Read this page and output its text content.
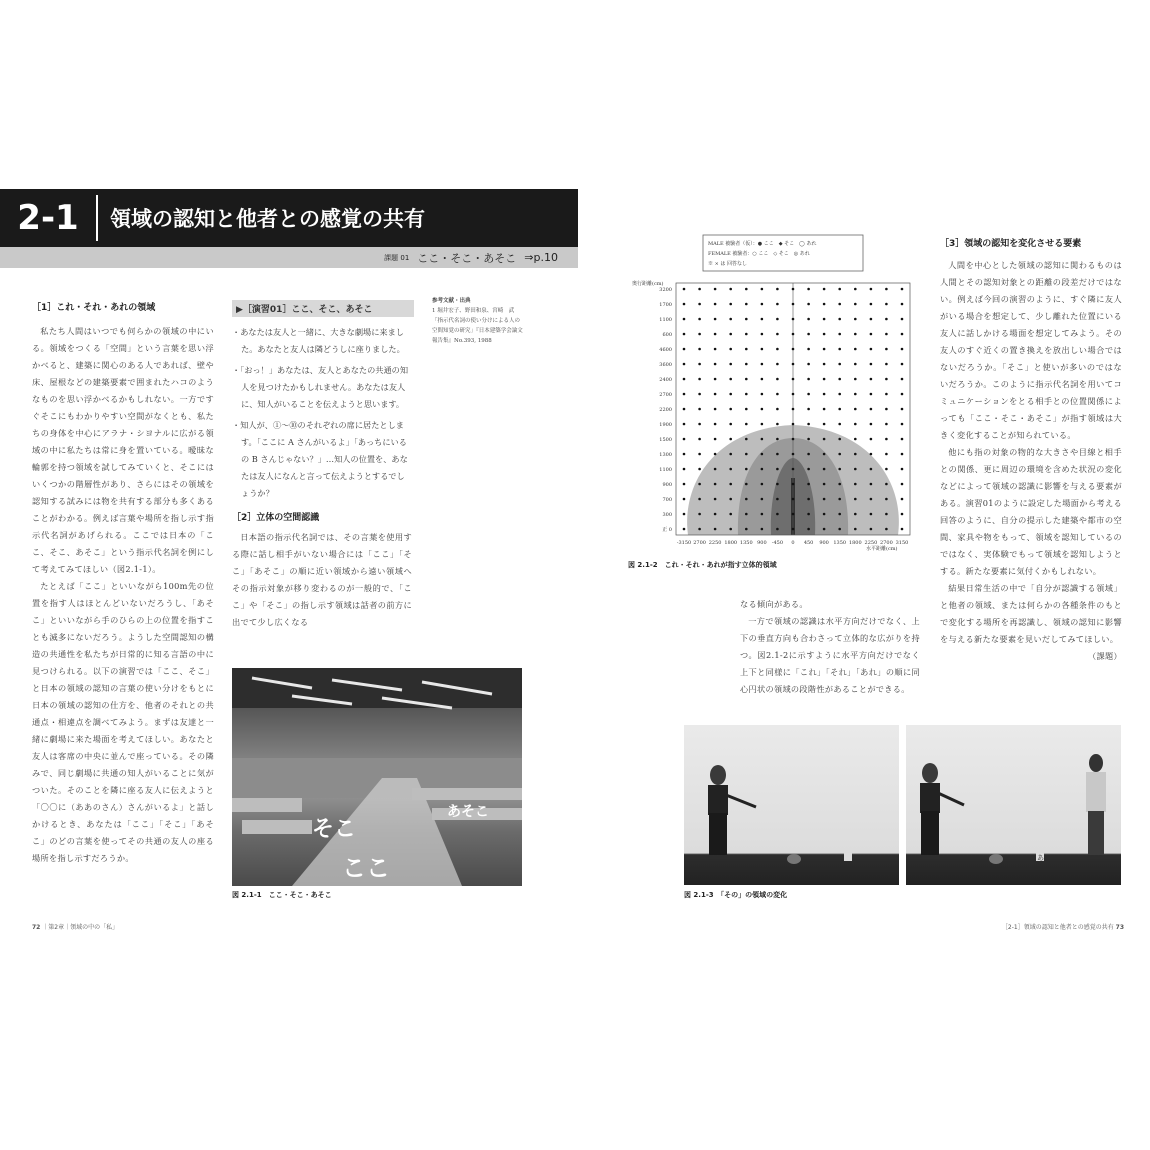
2-1	領域の認知と他者との感覚の共有
課題 01 ここ・そこ・あそこ ⇒p.10
［1］これ・それ・あれの領域

私たち人間はいつでも何らかの領域の中にいる。領域をつくる「空間」という言葉を思い浮かべると、建築に関心のある人であれば、壁や床、屋根などの建築要素で囲まれたハコのようなものを思い浮かべるかもしれない。一方ですぐそこにもわかりやすい空間がなくとも、私たちの身体を中心にアラナ・シヨナルに広がる領域の中に私たちは常に身を置いている。曖昧な輪郭を持つ領域を試してみていくと、そこにはいくつかの階層性があり、さらにはその領域を認知する試みには物を共有する部分も多くあることがわかる。例えば言葉や場所を指し示す指示代名詞があげられる。ここでは日本の「ここ、そこ、あそこ」という指示代名詞を例にして考えてみてほしい（図2.1-1）。

たとえば「ここ」といいながら100m先の位置を指す人はほとんどいないだろうし、「あそこ」といいながら手のひらの上の位置を指すことも滅多にないだろう。ようした空間認知の構造の共通性を私たちが日常的に知る言語の中に見つけられる。以下の演習では「ここ、そこ」と日本の領域の認知の言葉の使い分けをもとに日本の領域の認知の仕方を、他者のそれとの共通点・相違点を調べてみよう。まずは友達と一緒に劇場に来た場面を考えてほしい。あなたと友人は客席の中央に並んで座っている。その隣みで、同じ劇場に共通の知人がいることに気がついた。そのことを隣に座る友人に伝えようと「〇〇に（ああのさん）さんがいるよ」と話しかけるとき、あなたは「ここ」「そこ」「あそこ」のどの言葉を使ってその共通の友人の座る場所を指し示すだろうか。

▶［演習01］ここ、そこ、あそこ

・あなたは友人と一緒に、大きな劇場に来ました。あなたと友人は隣どうしに座りました。

・「おっ！」あなたは、友人とあなたの共通の知人を見つけたかもしれません。あなたは友人に、知人がいることを伝えようと思います。

・知人が、①〜⑩のそれぞれの席に居たとします。「ここに A さんがいるよ」「あっちにいるの B さんじゃない？」…知人の位置を、あなたは友人になんと言って伝えようとするでしょうか？

［2］立体の空間認識

日本語の指示代名詞では、その言葉を使用する際に話し相手がいない場合には「ここ」「そこ」「あそこ」の順に近い領域から遠い領域へその指示対象が移り変わるのが一般的で、「ここ」や「そこ」の指し示す領域は話者の前方に出でて少し広くなる

参考文献・出典
1 堀井宏子、野田和泉、宮崎　武 「指示代名詞の使い分けによる人の空間知覚の研究」『日本建築学会論文報告集』No.393, 1988
そこ
ここ
あそこ
図 2.1-1　ここ・そこ・あそこ
MALE 被験者（仮）：● ここ　◆ そこ　◯ あれ
FEMALE 被験者：○ ここ　◇ そこ　◎ あれ
※ × は 回答なし
奥行距離(cm)
水平距離(cm)
3200
1700
1100
600
4600
3600
2400
2700
2200
1900
1500
1300
1100
900
700
300
正 0
-3150 2700 2250 1800 1350 900 -450 0 450 900 1350 1800 2250 2700 3150
図 2.1-2　これ・それ・あれが指す立体的領域

なる傾向がある。

一方で領域の認識は水平方向だけでなく、上下の垂直方向も合わさって立体的な広がりを持つ。図2.1-2に示すように水平方向だけでなく上下と同様に「これ」「それ」「あれ」の順に同心円状の領域の段階性があることができる。

［3］領域の認知を変化させる要素

人間を中心とした領域の認知に関わるものは人間とその認知対象との距離の段差だけではない。例えば今回の演習のように、すぐ隣に友人がいる場合を想定して、少し離れた位置にいる友人に話しかける場面を想定してみよう。その友人のすぐ近くの置き換えを放出しい場合ではないだろうか。「そこ」と使いが多いのではないだろうか。このように指示代名詞を用いてコミュニケーションをとる相手との位置関係によっても「ここ・そこ・あそこ」が指す領域は大きく変化することが知られている。

他にも指の対象の物的な大きさや目線と相手との関係、更に周辺の環境を含めた状況の変化などによって領域の認識に影響を与える要素がある。演習01のように設定した場面から考える回答のように、自分の提示した建築や都市の空間、家具や物をもって、領域を認知しているのではなく、実体験でもって領域を認知しようとする。新たな要素に気付くかもしれない。

結果日常生活の中で「自分が認識する領域」と他者の領域、または何らかの各種条件のもとで変化する場所を再認識し、領域の認知に影響を与える新たな要素を見いだしてみてほしい。

（課題）
あ
図 2.1-3　「その」の領域の変化
72 ｜第2章｜領域の中の「私」	［2-1］領域の認知と他者との感覚の共有 73
